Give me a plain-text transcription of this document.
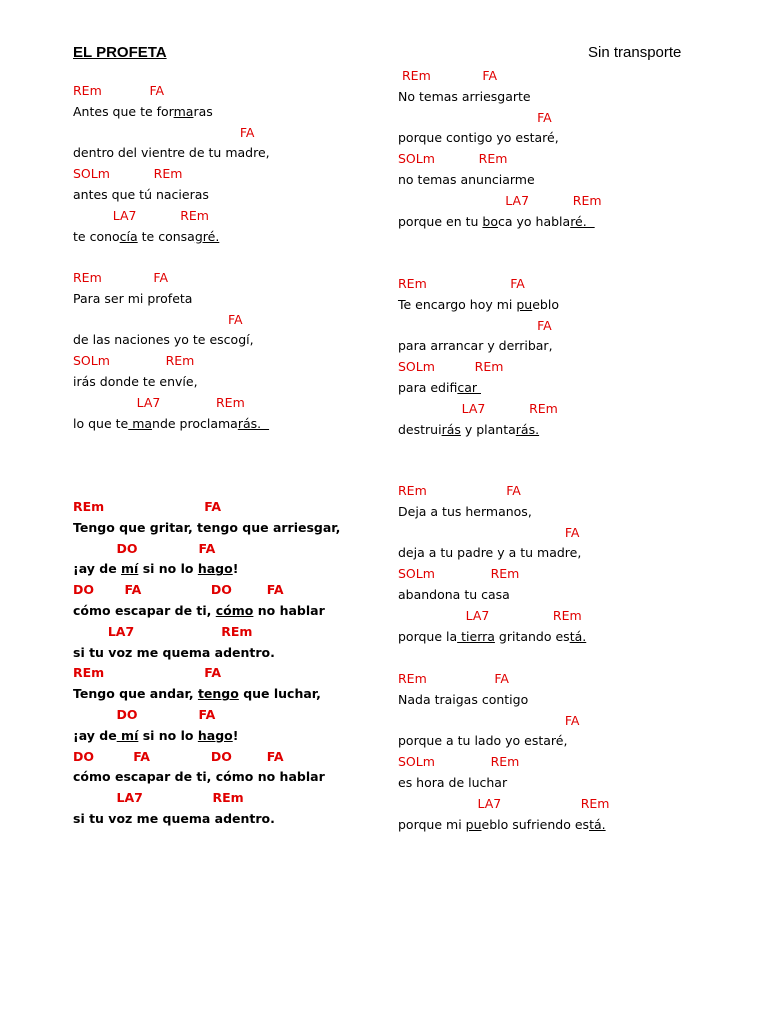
EL PROFETA	Sin transporte
REm	FA
Antes que te formaras
FA
dentro del vientre de tu madre,
SOLm	REm
antes que tú nacieras
LA7	REm
te conocía te consagré.
REm	FA
Para ser mi profeta
FA
de las naciones yo te escogí,
SOLm	REm
irás donde te envíe,
LA7	REm
lo que te mande proclamarás.
REm	FA
Tengo que gritar, tengo que arriesgar,
DO	FA
¡ay de mí si no lo hago!
DO FA	DO	FA
cómo escapar de ti, cómo no hablar
LA7	REm
si tu voz me quema adentro.
REm	FA
Tengo que andar, tengo que luchar,
DO	FA
¡ay de mí si no lo hago!
DO	FA	DO	FA
cómo escapar de ti, cómo no hablar
LA7	REm
si tu voz me quema adentro.
REm	FA
No temas arriesgarte
FA
porque contigo yo estaré,
SOLm	REm
no temas anunciarme
LA7	REm
porque en tu boca yo hablaré.
REm	FA
Te encargo hoy mi pueblo
FA
para arrancar y derribar,
SOLm	REm
para edificar
LA7	REm
destruirás y plantarás.
REm	FA
Deja a tus hermanos,
FA
deja a tu padre y a tu madre,
SOLm	REm
abandona tu casa
LA7	REm
porque la tierra gritando está.
REm	FA
Nada traigas contigo
FA
porque a tu lado yo estaré,
SOLm	REm
es hora de luchar
LA7	REm
porque mi pueblo sufriendo está.
